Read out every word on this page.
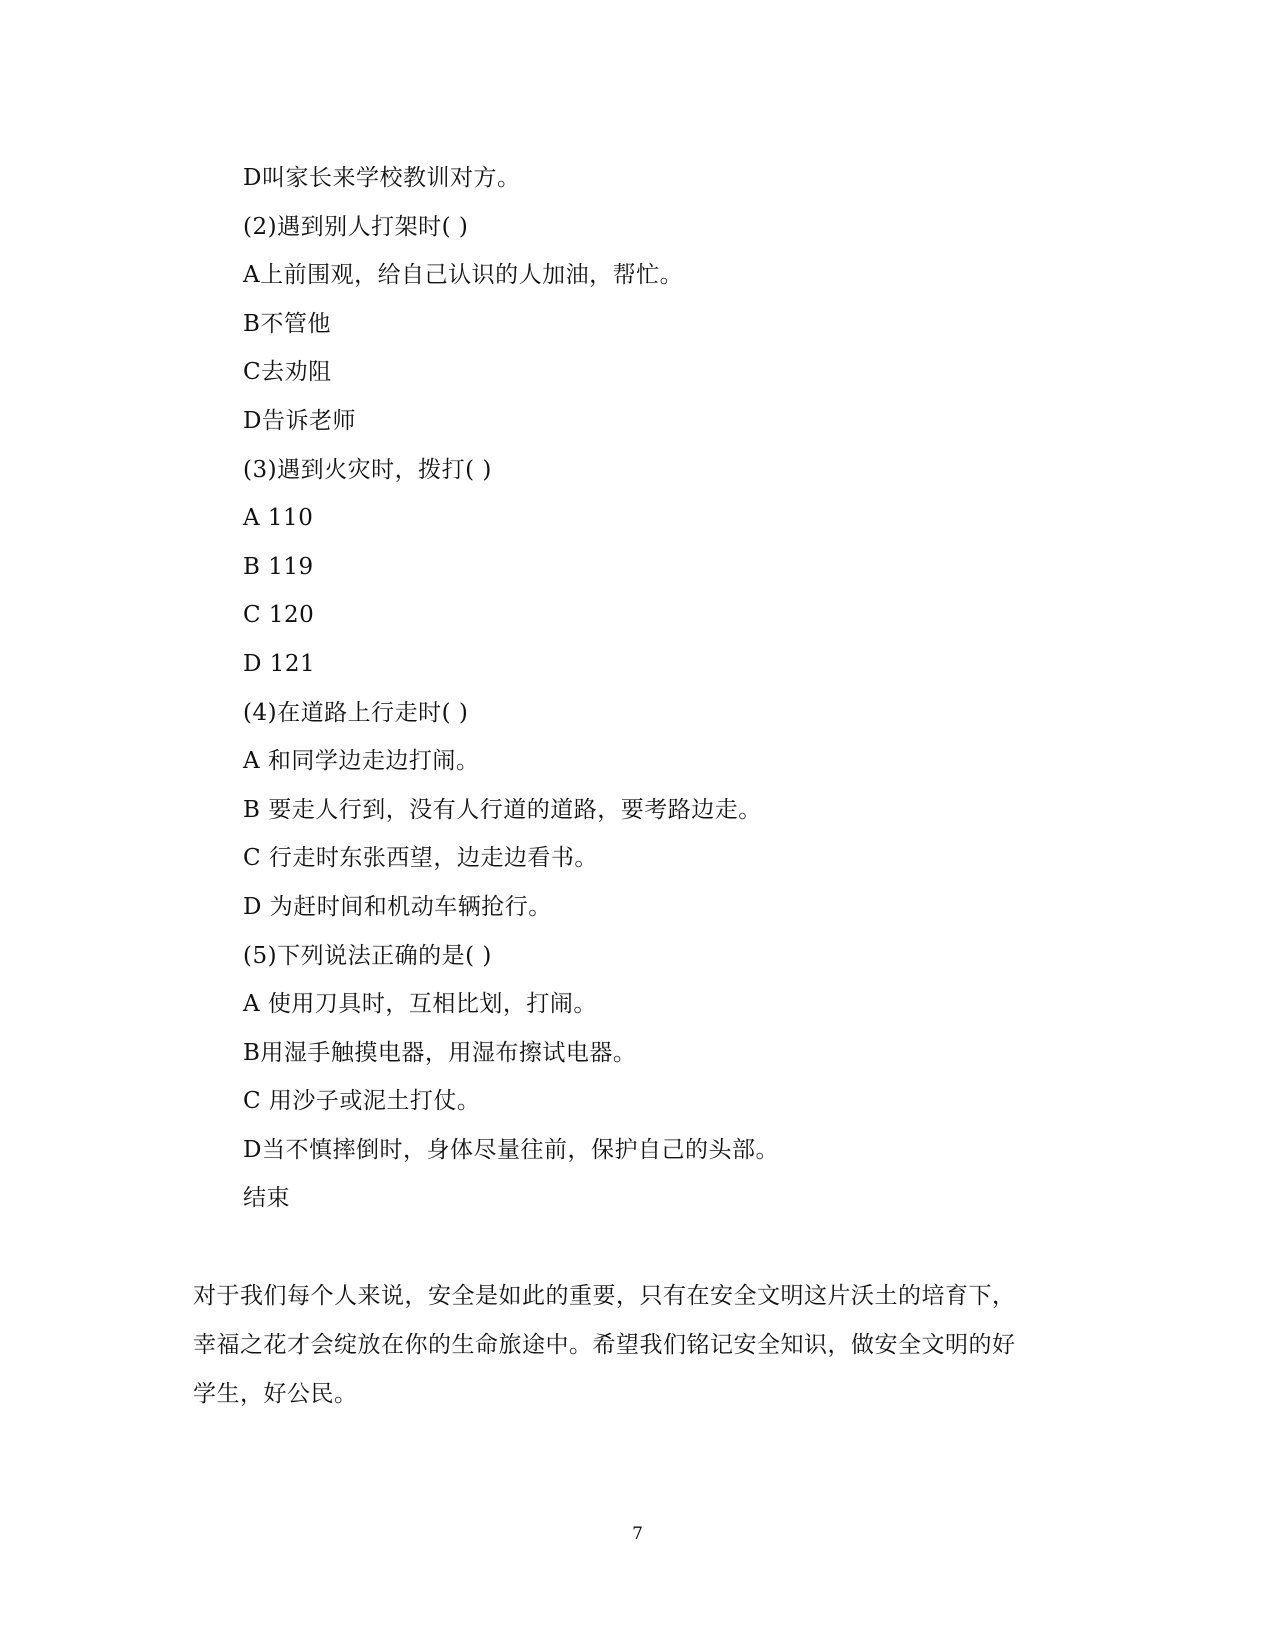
D叫家长来学校教训对方。
(2)遇到别人打架时( )
A上前围观，给自己认识的人加油，帮忙。
B不管他
C去劝阻
D告诉老师
(3)遇到火灾时，拨打( )
A 110
B 119
C 120
D 121
(4)在道路上行走时( )
A 和同学边走边打闹。
B 要走人行到，没有人行道的道路，要考路边走。
C 行走时东张西望，边走边看书。
D 为赶时间和机动车辆抢行。
(5)下列说法正确的是( )
A 使用刀具时，互相比划，打闹。
B用湿手触摸电器，用湿布擦试电器。
C 用沙子或泥土打仗。
D当不慎摔倒时，身体尽量往前，保护自己的头部。
结束
对于我们每个人来说，安全是如此的重要，只有在安全文明这片沃土的培育下，
幸福之花才会绽放在你的生命旅途中。希望我们铭记安全知识，做安全文明的好
学生，好公民。
7
